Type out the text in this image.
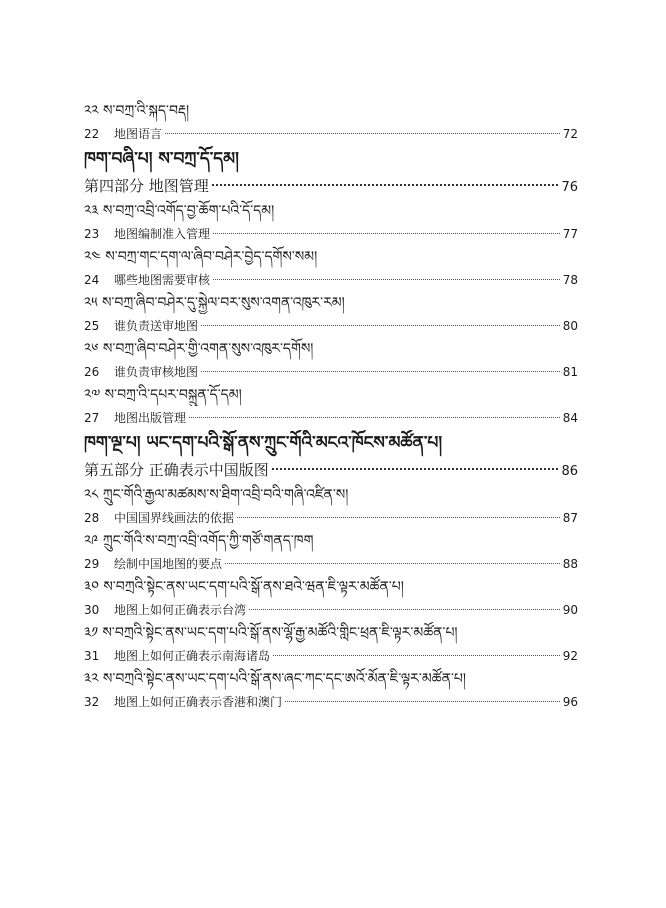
༢༢ ས་བཀྲ་འི་སྐད་བརྡ།
22	地图语言	72
ཁག་བཞི་པ། ས་བཀྲ་དོ་དམ།
第四部分 地图管理	76
༢༣ ས་བཀྲ་འབྲི་འགོད་བྱ་ཆོག་པའི་དོ་དམ།
23	地图编制准入管理	77
༢༤ ས་བཀྲ་གང་དག་ལ་ཞིབ་བཤེར་བྱེད་དགོས་སམ།
24	哪些地图需要审核	78
༢༥ ས་བཀྲ་ཞིབ་བཤེར་དུ་སྐྱེལ་བར་སུས་འགན་འཁུར་རམ།
25	谁负责送审地图	80
༢༦ ས་བཀྲ་ཞིབ་བཤེར་གྱི་འགན་སུས་འཁུར་དགོས།
26	谁负责审核地图	81
༢༧ ས་བཀྲ་འི་དཔར་བསྐྲུན་དོ་དམ།
27	地图出版管理	84
ཁག་ལྔ་པ། ཡང་དག་པའི་སྒོ་ནས་ཀྲུང་གོའི་མངའ་ཁོངས་མཚོན་པ།
第五部分 正确表示中国版图	86
༢༨ ཀྲུང་གོའི་རྒྱལ་མཚམས་ས་ཐིག་འབྲི་བའི་གཞི་འཛིན་ས།
28	中国国界线画法的依据	87
༢༩ ཀྲུང་གོའི་ས་བཀྲ་འབྲི་འགོད་ཀྱི་གཙོ་གནད་ཁག
29	绘制中国地图的要点	88
༣༠ ས་བཀྲའི་སྟེང་ནས་ཡང་དག་པའི་སྒོ་ནས་ཐའེ་ཝན་ཇི་ལྟར་མཚོན་པ།
30	地图上如何正确表示台湾	90
༣༡ ས་བཀྲའི་སྟེང་ནས་ཡང་དག་པའི་སྒོ་ནས་ལྷོ་རྒྱ་མཚོའི་གླིང་ཕྲན་ཇི་ལྟར་མཚོན་པ།
31	地图上如何正确表示南海诸岛	92
༣༢ ས་བཀྲའི་སྟེང་ནས་ཡང་དག་པའི་སྒོ་ནས་ཞང་ཀང་དང་ཨའོ་མོན་ཇི་ལྟར་མཚོན་པ།
32	地图上如何正确表示香港和澳门	96
